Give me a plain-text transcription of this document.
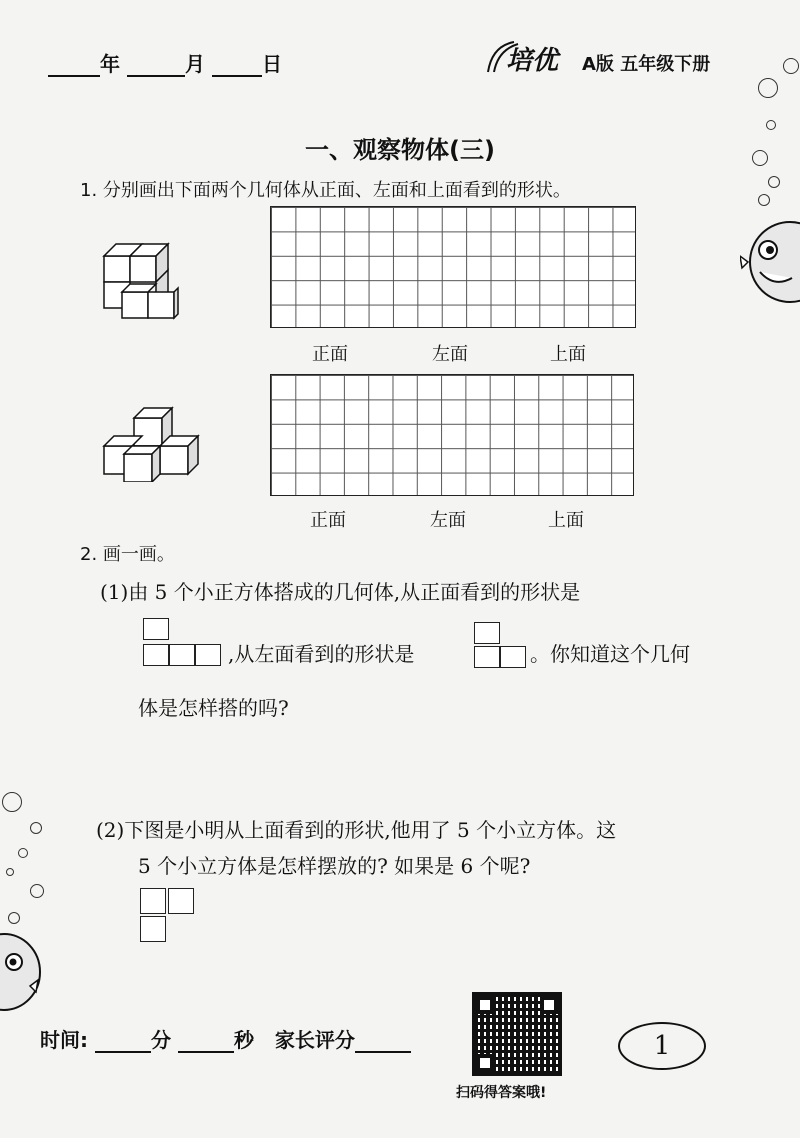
年	月	日	培优 A版 五年级下册
一、观察物体(三)
1. 分别画出下面两个几何体从正面、左面和上面看到的形状。
正面	左面	上面
正面	左面	上面
2. 画一画。
(1)由 5 个小正方体搭成的几何体,从正面看到的形状是
,从左面看到的形状是	。你知道这个几何
体是怎样搭的吗?
(2)下图是小明从上面看到的形状,他用了 5 个小立方体。这
5 个小立方体是怎样摆放的? 如果是 6 个呢?
时间:	分	秒 家长评分
扫码得答案哦!
1
